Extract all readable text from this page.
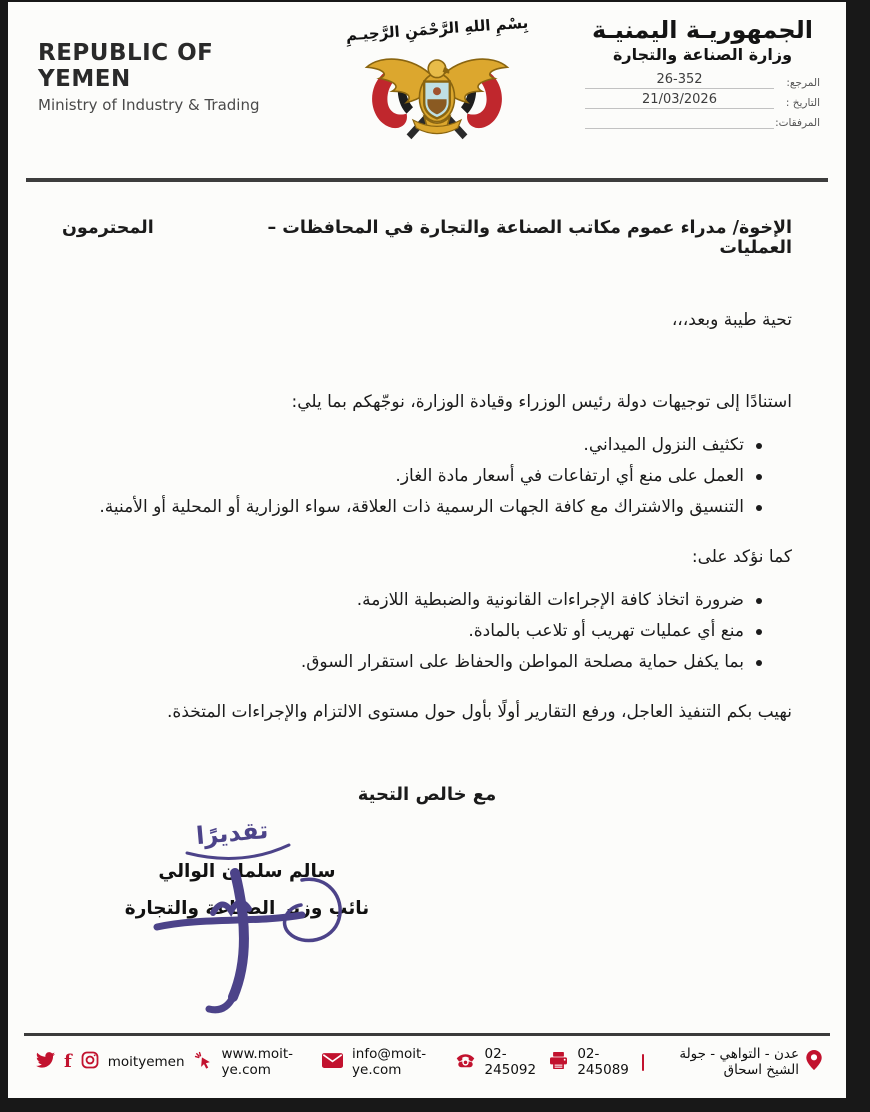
REPUBLIC OF YEMEN
Ministry of Industry & Trading
بِسْمِ اللهِ الرَّحْمَنِ الرَّحِيـمِ	الجمهوريـة اليمنيـة
وزارة الصناعة والتجارة
المرجع:
26-352
التاريخ :
21/03/2026
المرفقات:
الإخوة/ مدراء عموم مكاتب الصناعة والتجارة في المحافظات – العمليات
المحترمون
تحية طيبة وبعد،،،
استنادًا إلى توجيهات دولة رئيس الوزراء وقيادة الوزارة، نوجّهكم بما يلي:
تكثيف النزول الميداني.
العمل على منع أي ارتفاعات في أسعار مادة الغاز.
التنسيق والاشتراك مع كافة الجهات الرسمية ذات العلاقة، سواء الوزارية أو المحلية أو الأمنية.
كما نؤكد على:
ضرورة اتخاذ كافة الإجراءات القانونية والضبطية اللازمة.
منع أي عمليات تهريب أو تلاعب بالمادة.
بما يكفل حماية مصلحة المواطن والحفاظ على استقرار السوق.
نهيب بكم التنفيذ العاجل، ورفع التقارير أولًا بأول حول مستوى الالتزام والإجراءات المتخذة.
مع خالص التحية
تقديرًا
سالم سلمان الوالي
نائب وزير الصناعة والتجارة
f	moityemen	www.moit-ye.com
info@moit-ye.com
02-245092
02-245089
عدن - التواهي - جولة الشيخ اسحاق
